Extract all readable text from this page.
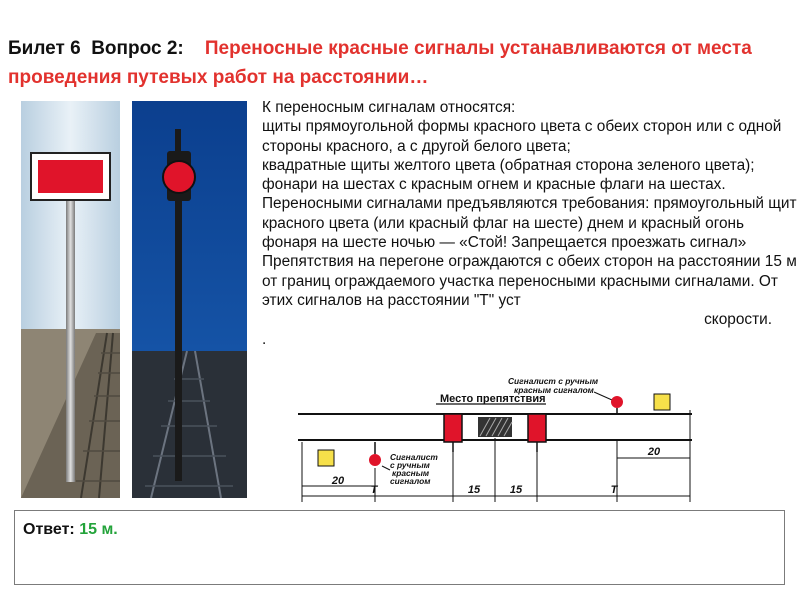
Билет 6 Вопрос 2: Переносные красные сигналы устанавливаются от места проведения путевых работ на расстоянии…

К переносным сигналам относятся:

щиты прямоугольной формы красного цвета с обеих сторон или с одной стороны красного, а с другой белого цвета;

квадратные щиты желтого цвета (обратная сторона зеленого цвета);

фонари на шестах с красным огнем и красные флаги на шестах.

Переносными сигналами предъявляются требования: прямоугольный щит красного цвета (или красный флаг на шесте) днем и красный огонь фонаря на шесте ночью — «Стой! Запрещается проезжать сигнал»

Препятствия на перегоне ограждаются с обеих сторон на расстоянии 15 м от границ ограждаемого участка переносными красными сигналами. От этих сигналов на расстоянии "Т" уст

скорости.

.

Место препятствия
Сигналист с ручным красным сигналом
Сигналист с ручным красным сигналом
20
Т	15	15	Т
20
Ответ: 15 м.
